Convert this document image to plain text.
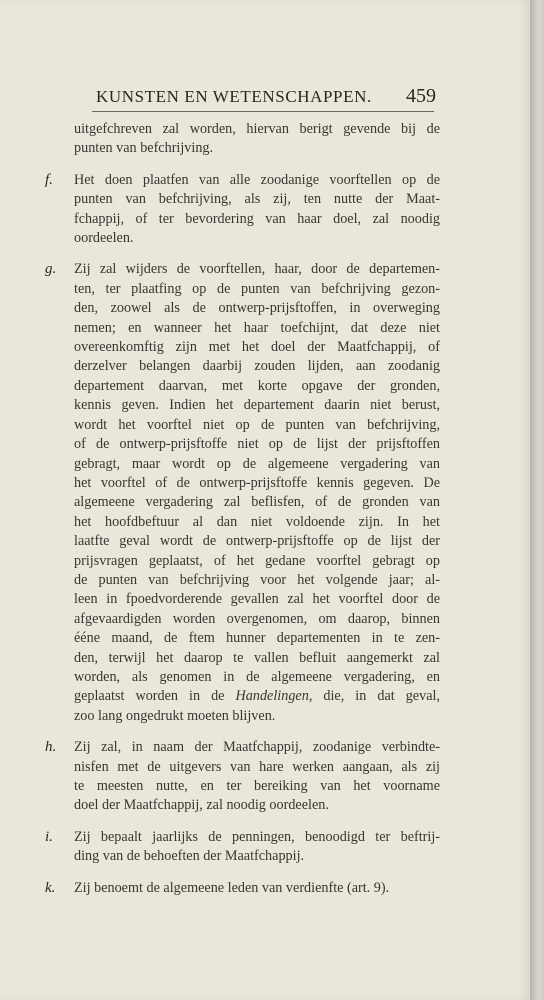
KUNSTEN EN WETENSCHAPPEN. 459
uitgefchreven zal worden, hiervan berigt gevende bij de
punten van befchrijving.
f. Het doen plaatfen van alle zoodanige voorftellen op de
punten van befchrijving, als zij, ten nutte der Maat-
fchappij, of ter bevordering van haar doel, zal noodig
oordeelen.
g. Zij zal wijders de voorftellen, haar, door de departemen-
ten, ter plaatfing op de punten van befchrijving gezon-
den, zoowel als de ontwerp-prijsftoffen, in overweging
nemen; en wanneer het haar toefchijnt, dat deze niet
overeenkomftig zijn met het doel der Maatfchappij, of
derzelver belangen daarbij zouden lijden, aan zoodanig
departement daarvan, met korte opgave der gronden,
kennis geven. Indien het departement daarin niet berust,
wordt het voorftel niet op de punten van befchrijving,
of de ontwerp-prijsftoffe niet op de lijst der prijsftoffen
gebragt, maar wordt op de algemeene vergadering van
het voorftel of de ontwerp-prijsftoffe kennis gegeven. De
algemeene vergadering zal beflisfen, of de gronden van
het hoofdbeftuur al dan niet voldoende zijn. In het
laatfte geval wordt de ontwerp-prijsftoffe op de lijst der
prijsvragen geplaatst, of het gedane voorftel gebragt op
de punten van befchrijving voor het volgende jaar; al-
leen in fpoedvorderende gevallen zal het voorftel door de
afgevaardigden worden overgenomen, om daarop, binnen
ééne maand, de ftem hunner departementen in te zen-
den, terwijl het daarop te vallen befluit aangemerkt zal
worden, als genomen in de algemeene vergadering, en
geplaatst worden in de Handelingen, die, in dat geval,
zoo lang ongedrukt moeten blijven.
h. Zij zal, in naam der Maatfchappij, zoodanige verbindte-
nisfen met de uitgevers van hare werken aangaan, als zij
te meesten nutte, en ter bereiking van het voorname
doel der Maatfchappij, zal noodig oordeelen.
i. Zij bepaalt jaarlijks de penningen, benoodigd ter beftrij-
ding van de behoeften der Maatfchappij.
k. Zij benoemt de algemeene leden van verdienfte (art. 9).
